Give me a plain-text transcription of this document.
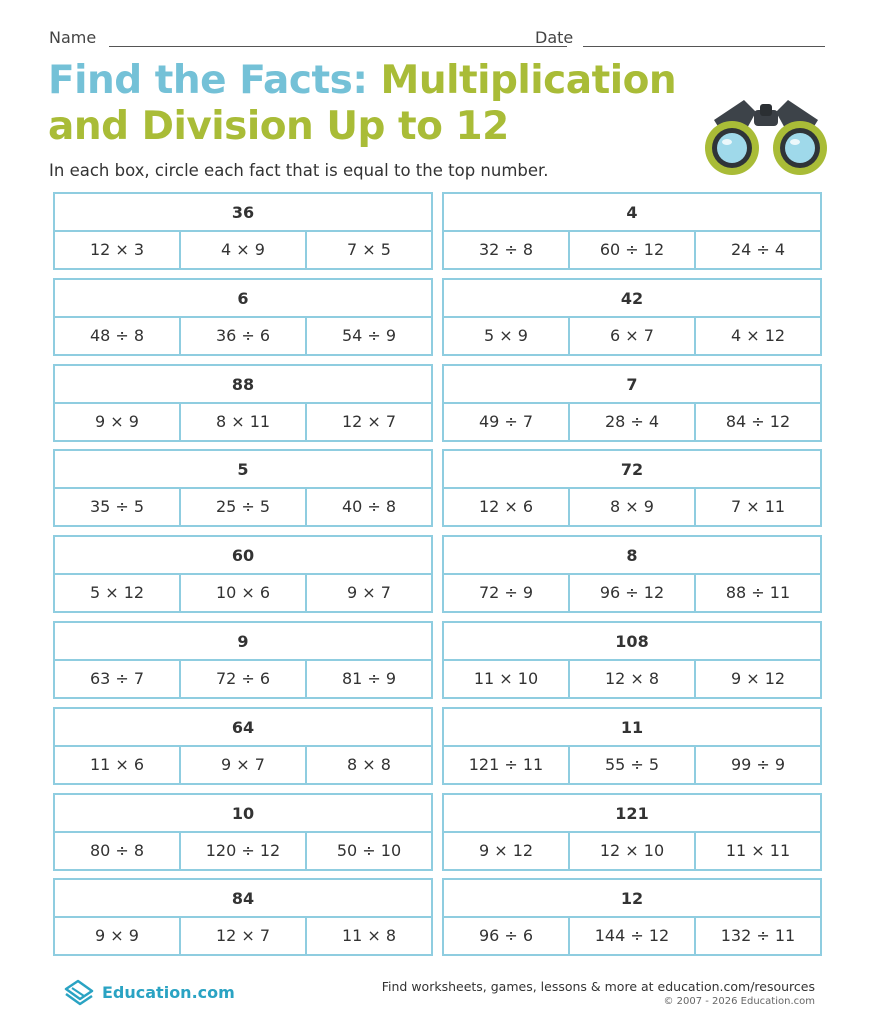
Name	Date
Find the Facts: Multiplication and Division Up to 12
In each box, circle each fact that is equal to the top number.
36
12 × 3	4 × 9	7 × 5
4
32 ÷ 8	60 ÷ 12	24 ÷ 4
6
48 ÷ 8	36 ÷ 6	54 ÷ 9
42
5 × 9	6 × 7	4 × 12
88
9 × 9	8 × 11	12 × 7
7
49 ÷ 7	28 ÷ 4	84 ÷ 12
5
35 ÷ 5	25 ÷ 5	40 ÷ 8
72
12 × 6	8 × 9	7 × 11
60
5 × 12	10 × 6	9 × 7
8
72 ÷ 9	96 ÷ 12	88 ÷ 11
9
63 ÷ 7	72 ÷ 6	81 ÷ 9
108
11 × 10	12 × 8	9 × 12
64
11 × 6	9 × 7	8 × 8
11
121 ÷ 11	55 ÷ 5	99 ÷ 9
10
80 ÷ 8	120 ÷ 12	50 ÷ 10
121
9 × 12	12 × 10	11 × 11
84
9 × 9	12 × 7	11 × 8
12
96 ÷ 6	144 ÷ 12	132 ÷ 11
Education.com	Find worksheets, games, lessons & more at education.com/resources
© 2007 - 2026 Education.com
